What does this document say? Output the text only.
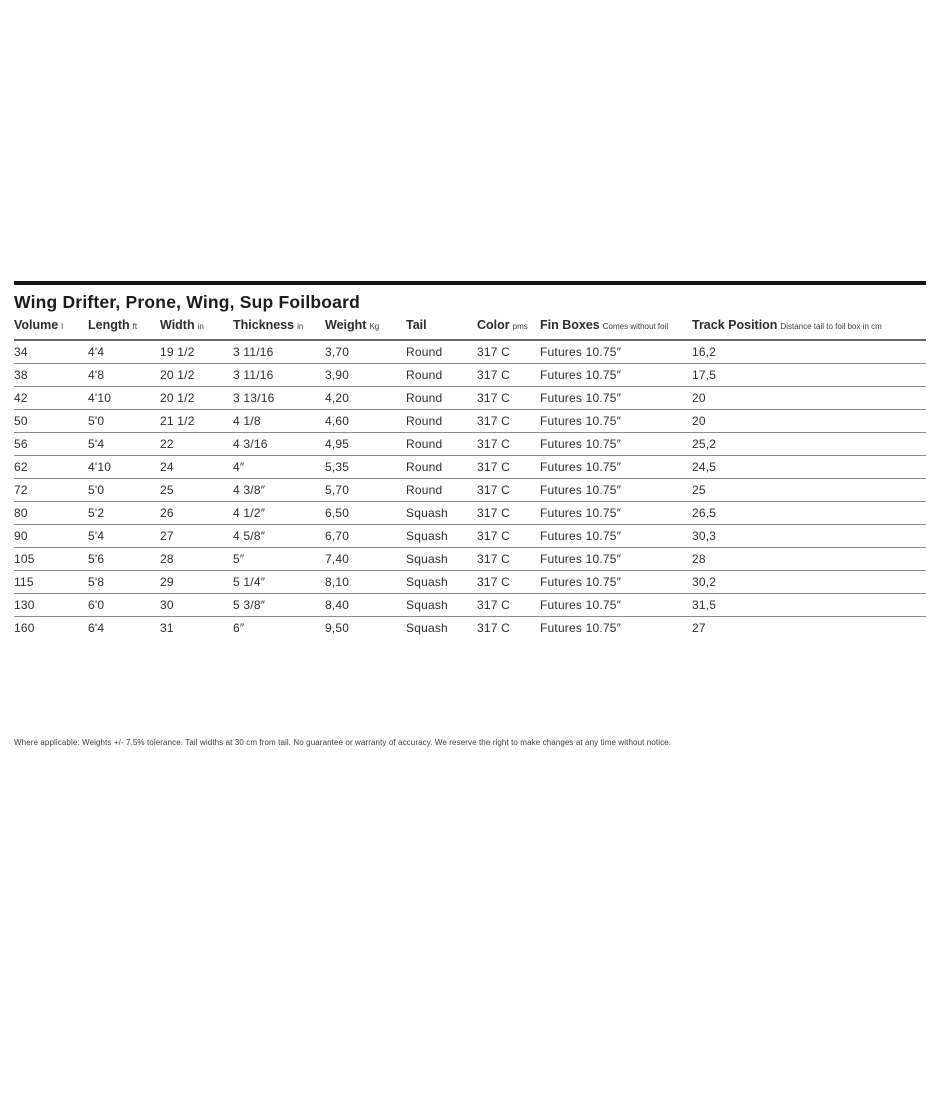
Wing Drifter, Prone, Wing, Sup Foilboard
Volume l	Length ft	Width in	Thickness in	Weight Kg	Tail	Color pms	Fin Boxes Comes without foil	Track Position Distance tail to foil box in cm
34	4'4	19 1/2	3 11/16	3,70	Round	317 C	Futures 10.75″	16,2
38	4'8	20 1/2	3 11/16	3,90	Round	317 C	Futures 10.75″	17,5
42	4'10	20 1/2	3 13/16	4,20	Round	317 C	Futures 10.75″	20
50	5'0	21 1/2	4 1/8	4,60	Round	317 C	Futures 10.75″	20
56	5'4	22	4 3/16	4,95	Round	317 C	Futures 10.75″	25,2
62	4'10	24	4″	5,35	Round	317 C	Futures 10.75″	24,5
72	5'0	25	4 3/8″	5,70	Round	317 C	Futures 10.75″	25
80	5'2	26	4 1/2″	6,50	Squash	317 C	Futures 10.75″	26,5
90	5'4	27	4 5/8″	6,70	Squash	317 C	Futures 10.75″	30,3
105	5'6	28	5″	7,40	Squash	317 C	Futures 10.75″	28
115	5'8	29	5 1/4″	8,10	Squash	317 C	Futures 10.75″	30,2
130	6'0	30	5 3/8″	8,40	Squash	317 C	Futures 10.75″	31,5
160	6'4	31	6″	9,50	Squash	317 C	Futures 10.75″	27

Where applicable: Weights +/- 7.5% tolerance. Tail widths at 30 cm from tail. No guarantee or warranty of accuracy. We reserve the right to make changes at any time without notice.
